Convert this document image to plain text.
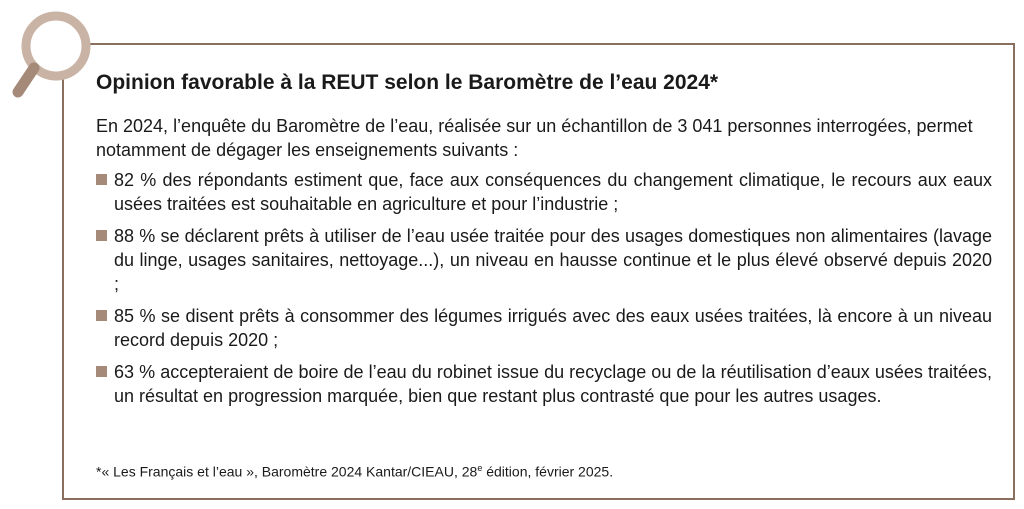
Opinion favorable à la REUT selon le Baromètre de l’eau 2024*

En 2024, l’enquête du Baromètre de l’eau, réalisée sur un échantillon de 3 041 personnes interrogées, permet notamment de dégager les enseignements suivants :

82 % des répondants estiment que, face aux conséquences du changement climatique, le recours aux eaux usées traitées est souhaitable en agriculture et pour l’industrie ;
88 % se déclarent prêts à utiliser de l’eau usée traitée pour des usages domestiques non alimentaires (lavage du linge, usages sanitaires, nettoyage...), un niveau en hausse continue et le plus élevé observé depuis 2020 ;
85 % se disent prêts à consommer des légumes irrigués avec des eaux usées traitées, là encore à un niveau record depuis 2020 ;
63 % accepteraient de boire de l’eau du robinet issue du recyclage ou de la réutilisation d’eaux usées traitées, un résultat en progression marquée, bien que restant plus contrasté que pour les autres usages.
*« Les Français et l’eau », Baromètre 2024 Kantar/CIEAU, 28e édition, février 2025.
